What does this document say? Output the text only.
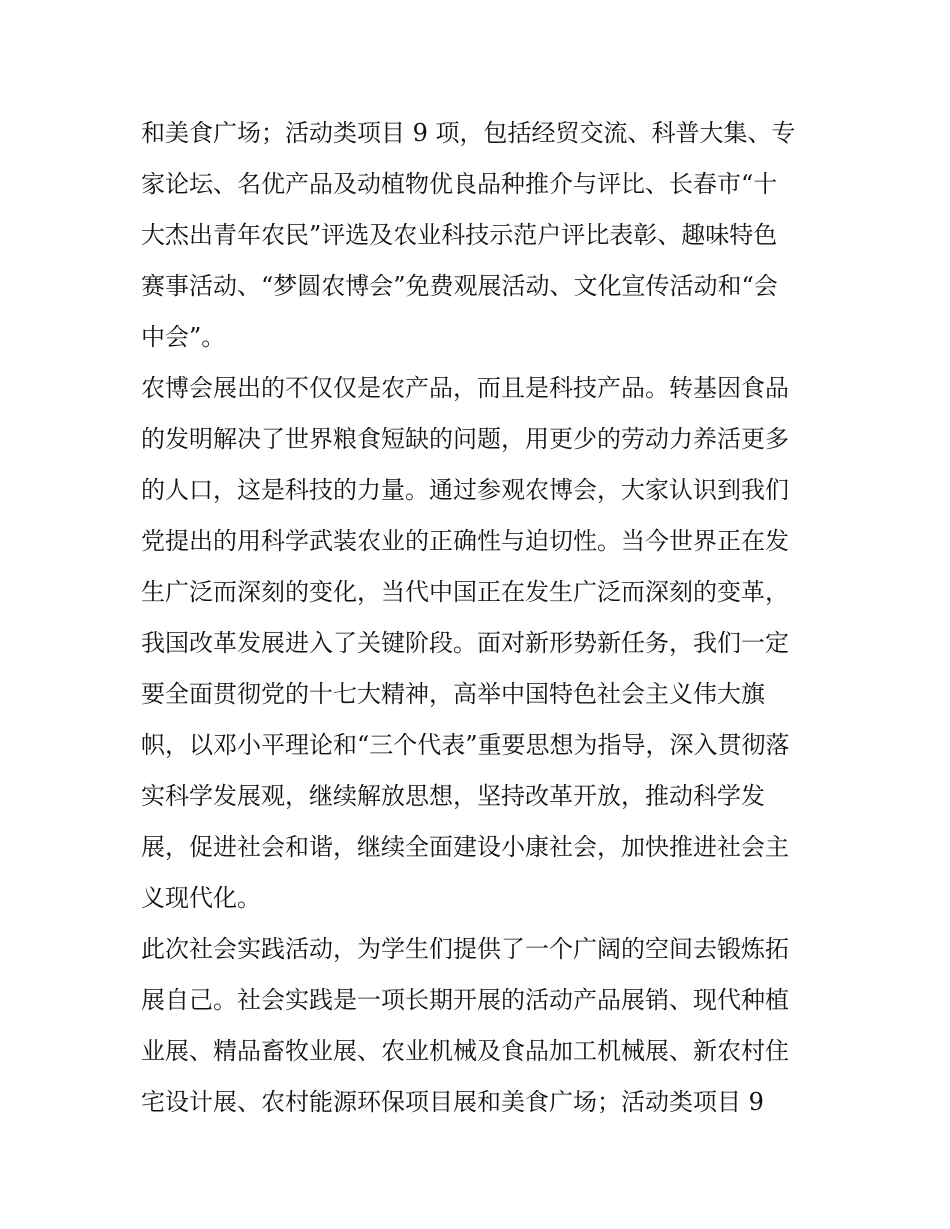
和美食广场；活动类项目 9 项，包括经贸交流、科普大集、专
家论坛、名优产品及动植物优良品种推介与评比、长春市“十
大杰出青年农民”评选及农业科技示范户评比表彰、趣味特色
赛事活动、“梦圆农博会”免费观展活动、文化宣传活动和“会
中会”。
农博会展出的不仅仅是农产品，而且是科技产品。转基因食品
的发明解决了世界粮食短缺的问题，用更少的劳动力养活更多
的人口，这是科技的力量。通过参观农博会，大家认识到我们
党提出的用科学武装农业的正确性与迫切性。当今世界正在发
生广泛而深刻的变化，当代中国正在发生广泛而深刻的变革，
我国改革发展进入了关键阶段。面对新形势新任务，我们一定
要全面贯彻党的十七大精神，高举中国特色社会主义伟大旗
帜，以邓小平理论和“三个代表”重要思想为指导，深入贯彻落
实科学发展观，继续解放思想，坚持改革开放，推动科学发
展，促进社会和谐，继续全面建设小康社会，加快推进社会主
义现代化。
此次社会实践活动，为学生们提供了一个广阔的空间去锻炼拓
展自己。社会实践是一项长期开展的活动产品展销、现代种植
业展、精品畜牧业展、农业机械及食品加工机械展、新农村住
宅设计展、农村能源环保项目展和美食广场；活动类项目 9
